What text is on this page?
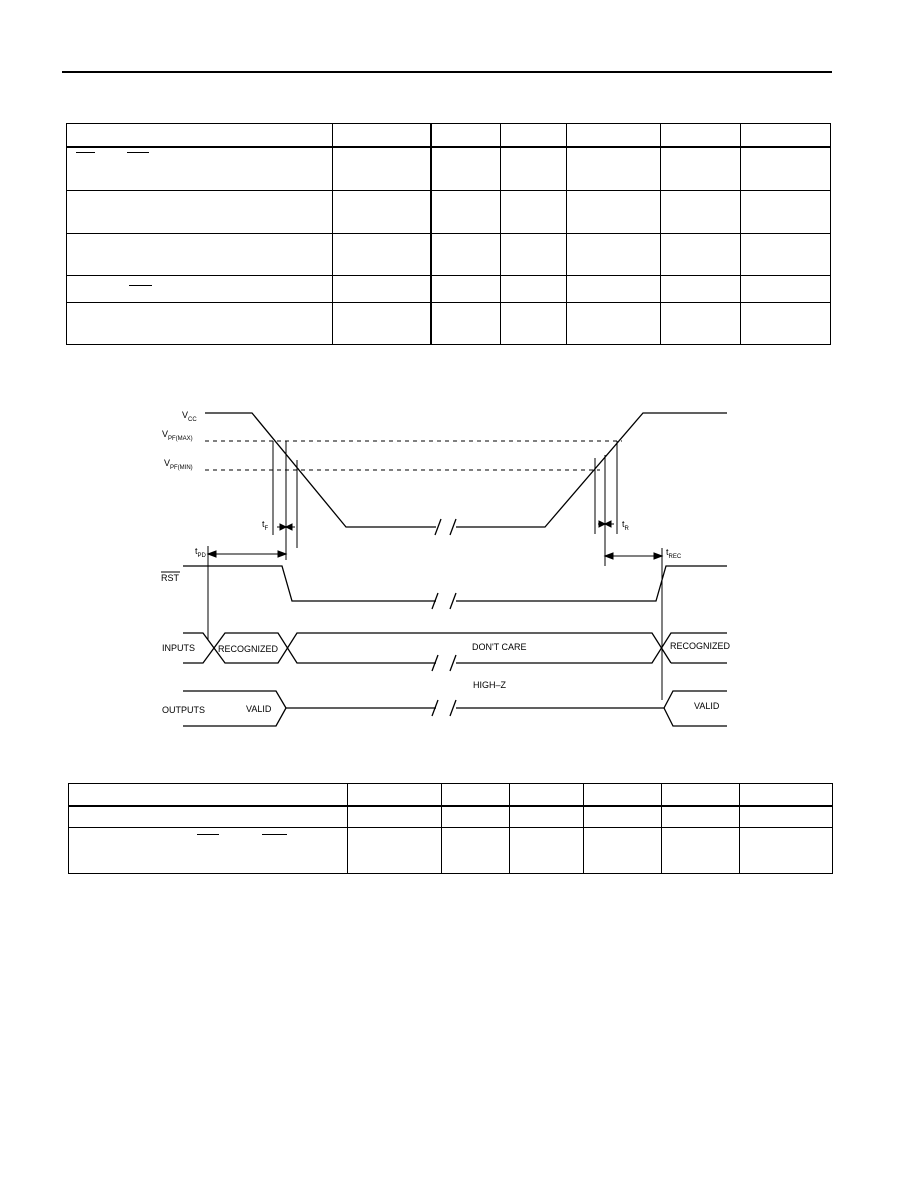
$V_{CC}$
$V_{PF(MAX)}$
$V_{PF(MIN)}$
$t_F$	$t_R$
$t_{PD}$	$t_{REC}$
RST
INPUTS
OUTPUTS
RECOGNIZED	DON'T CARE	RECOGNIZED
VALID
HIGH–Z
VALID
